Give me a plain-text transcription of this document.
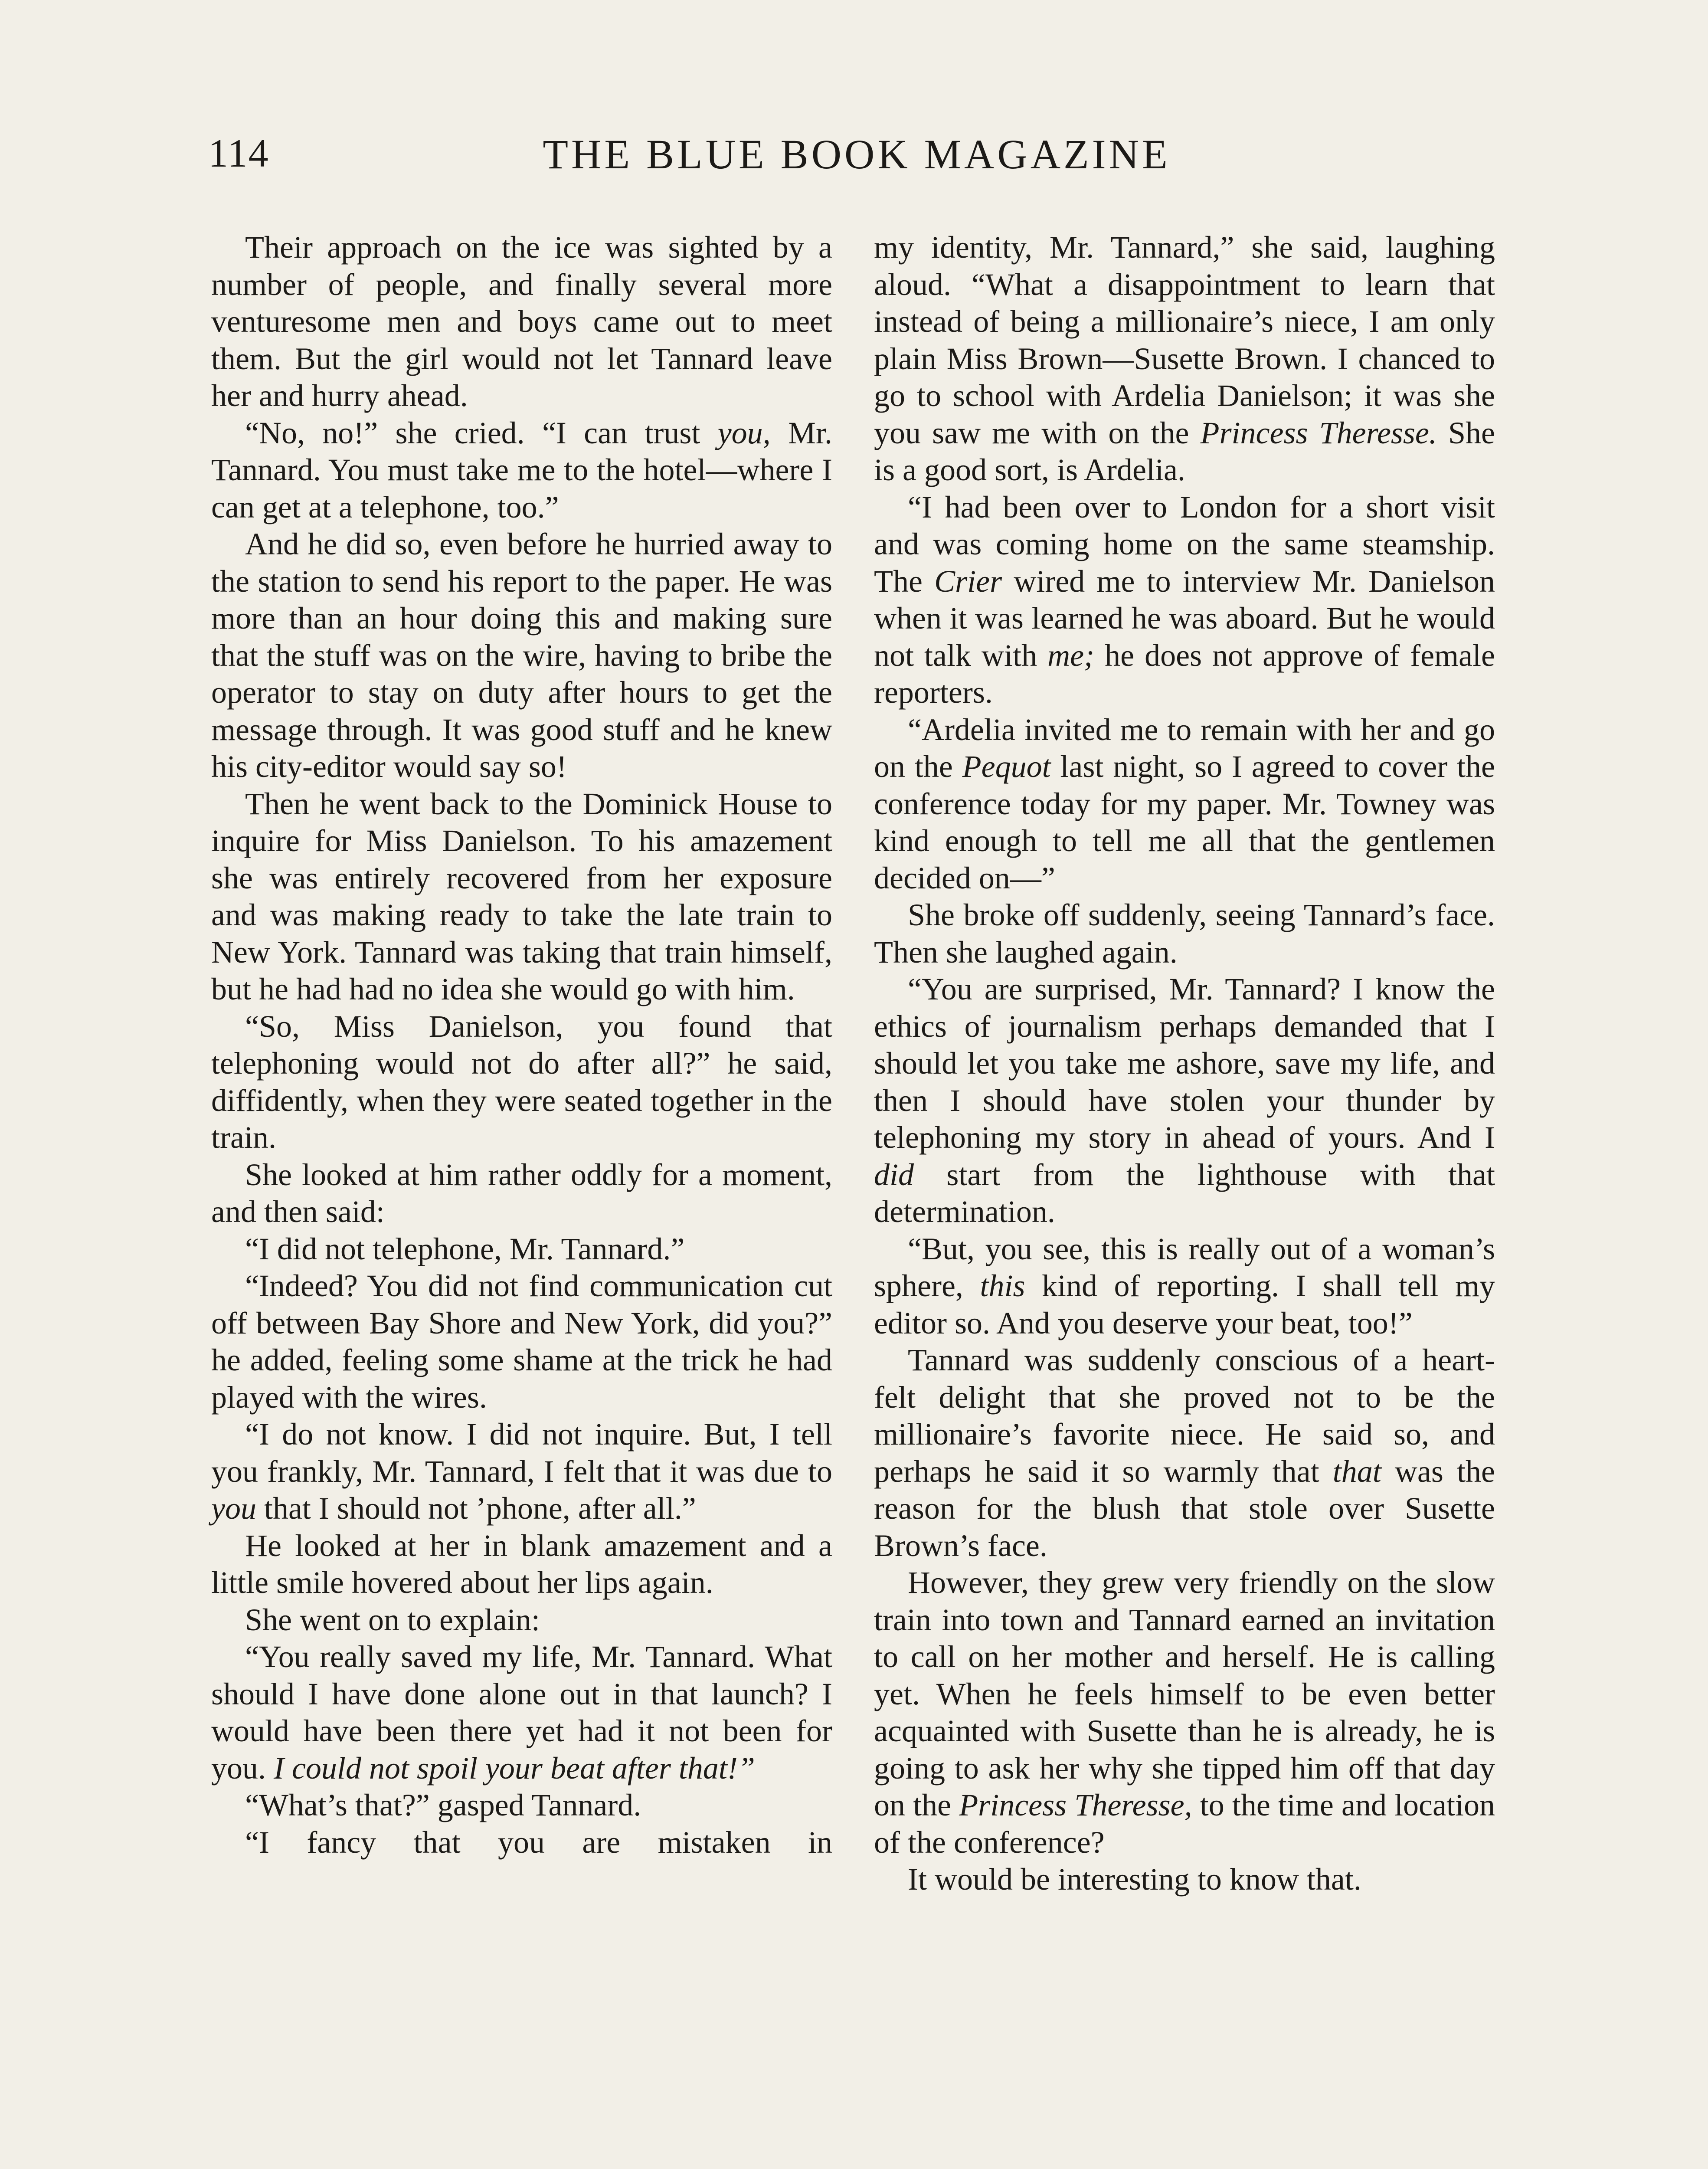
114	THE BLUE BOOK MAGAZINE

Their approach on the ice was sighted by a number of people, and finally several more venturesome men and boys came out to meet them. But the girl would not let Tannard leave her and hurry ahead.

“No, no!” she cried. “I can trust you, Mr. Tannard. You must take me to the hotel—where I can get at a telephone, too.”

And he did so, even before he hurried away to the station to send his report to the paper. He was more than an hour doing this and making sure that the stuff was on the wire, having to bribe the operator to stay on duty after hours to get the message through. It was good stuff and he knew his city-editor would say so!

Then he went back to the Dominick House to inquire for Miss Danielson. To his amazement she was entirely recovered from her exposure and was making ready to take the late train to New York. Tannard was taking that train himself, but he had had no idea she would go with him.

“So, Miss Danielson, you found that telephoning would not do after all?” he said, diffidently, when they were seated together in the train.

She looked at him rather oddly for a moment, and then said:

“I did not telephone, Mr. Tannard.”

“Indeed? You did not find communication cut off between Bay Shore and New York, did you?” he added, feeling some shame at the trick he had played with the wires.

“I do not know. I did not inquire. But, I tell you frankly, Mr. Tannard, I felt that it was due to you that I should not ’phone, after all.”

He looked at her in blank amazement and a little smile hovered about her lips again.

She went on to explain:

“You really saved my life, Mr. Tannard. What should I have done alone out in that launch? I would have been there yet had it not been for you. I could not spoil your beat after that!”

“What’s that?” gasped Tannard.

“I fancy that you are mistaken in

my identity, Mr. Tannard,” she said, laughing aloud. “What a disappointment to learn that instead of being a millionaire’s niece, I am only plain Miss Brown—Susette Brown. I chanced to go to school with Ardelia Danielson; it was she you saw me with on the Princess Theresse. She is a good sort, is Ardelia.

“I had been over to London for a short visit and was coming home on the same steamship. The Crier wired me to interview Mr. Danielson when it was learned he was aboard. But he would not talk with me; he does not approve of female reporters.

“Ardelia invited me to remain with her and go on the Pequot last night, so I agreed to cover the conference today for my paper. Mr. Towney was kind enough to tell me all that the gentlemen decided on—”

She broke off suddenly, seeing Tannard’s face. Then she laughed again.

“You are surprised, Mr. Tannard? I know the ethics of journalism perhaps demanded that I should let you take me ashore, save my life, and then I should have stolen your thunder by telephoning my story in ahead of yours. And I did start from the lighthouse with that determination.

“But, you see, this is really out of a woman’s sphere, this kind of reporting. I shall tell my editor so. And you deserve your beat, too!”

Tannard was suddenly conscious of a heart-felt delight that she proved not to be the millionaire’s favorite niece. He said so, and perhaps he said it so warmly that that was the reason for the blush that stole over Susette Brown’s face.

However, they grew very friendly on the slow train into town and Tannard earned an invitation to call on her mother and herself. He is calling yet. When he feels himself to be even better acquainted with Susette than he is already, he is going to ask her why she tipped him off that day on the Princess Theresse, to the time and location of the conference?

It would be interesting to know that.
